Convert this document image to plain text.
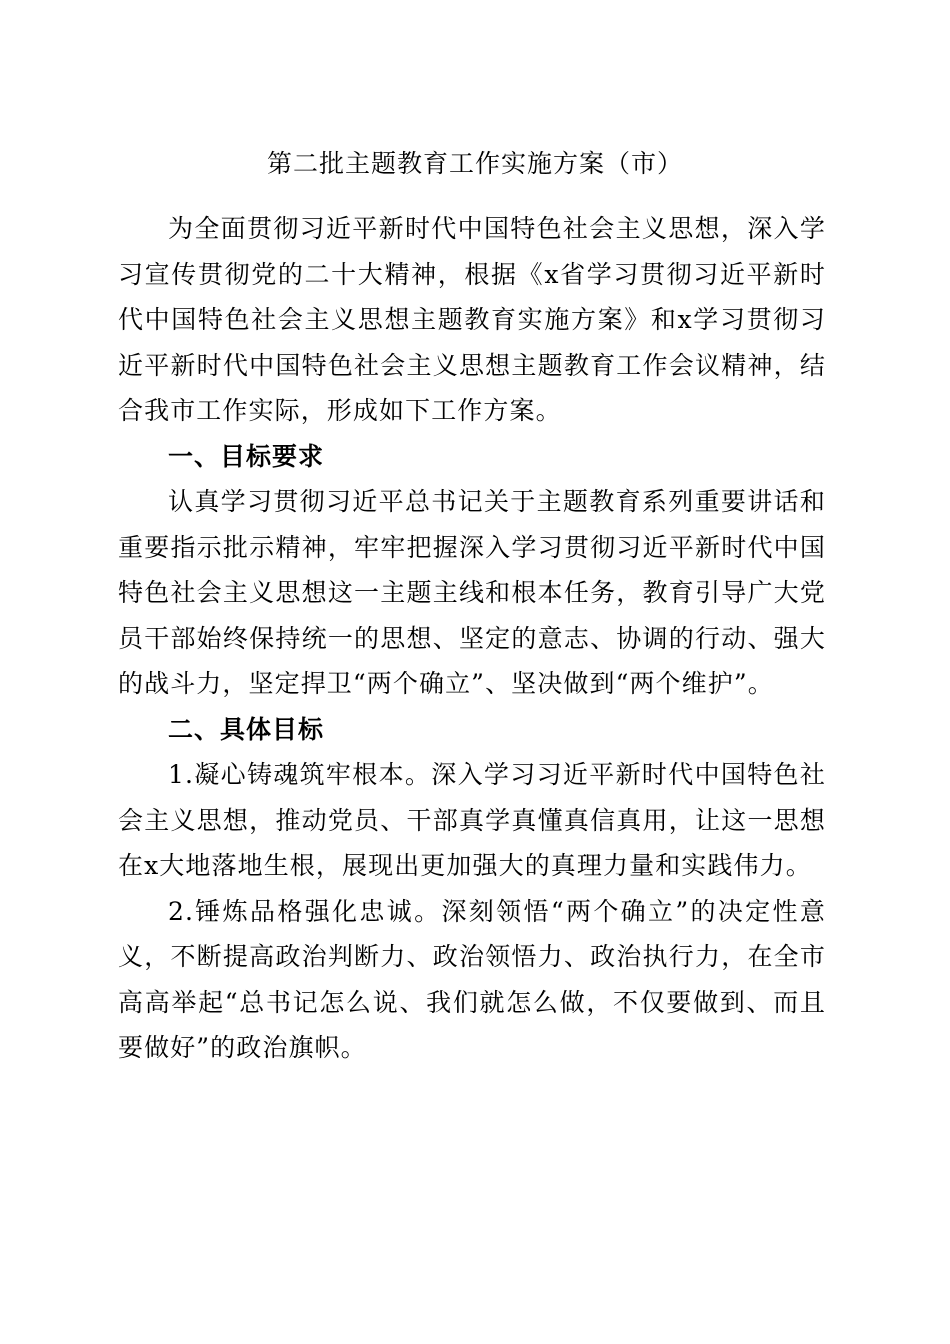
第二批主题教育工作实施方案（市）

为全面贯彻习近平新时代中国特色社会主义思想，深入学习宣传贯彻党的二十大精神，根据《x省学习贯彻习近平新时代中国特色社会主义思想主题教育实施方案》和x学习贯彻习近平新时代中国特色社会主义思想主题教育工作会议精神，结合我市工作实际，形成如下工作方案。

一、目标要求

认真学习贯彻习近平总书记关于主题教育系列重要讲话和重要指示批示精神，牢牢把握深入学习贯彻习近平新时代中国特色社会主义思想这一主题主线和根本任务，教育引导广大党员干部始终保持统一的思想、坚定的意志、协调的行动、强大的战斗力，坚定捍卫“两个确立”、坚决做到“两个维护”。

二、具体目标

1.凝心铸魂筑牢根本。深入学习习近平新时代中国特色社会主义思想，推动党员、干部真学真懂真信真用，让这一思想在x大地落地生根，展现出更加强大的真理力量和实践伟力。

2.锤炼品格强化忠诚。深刻领悟“两个确立”的决定性意义，不断提高政治判断力、政治领悟力、政治执行力，在全市高高举起“总书记怎么说、我们就怎么做，不仅要做到、而且要做好”的政治旗帜。
